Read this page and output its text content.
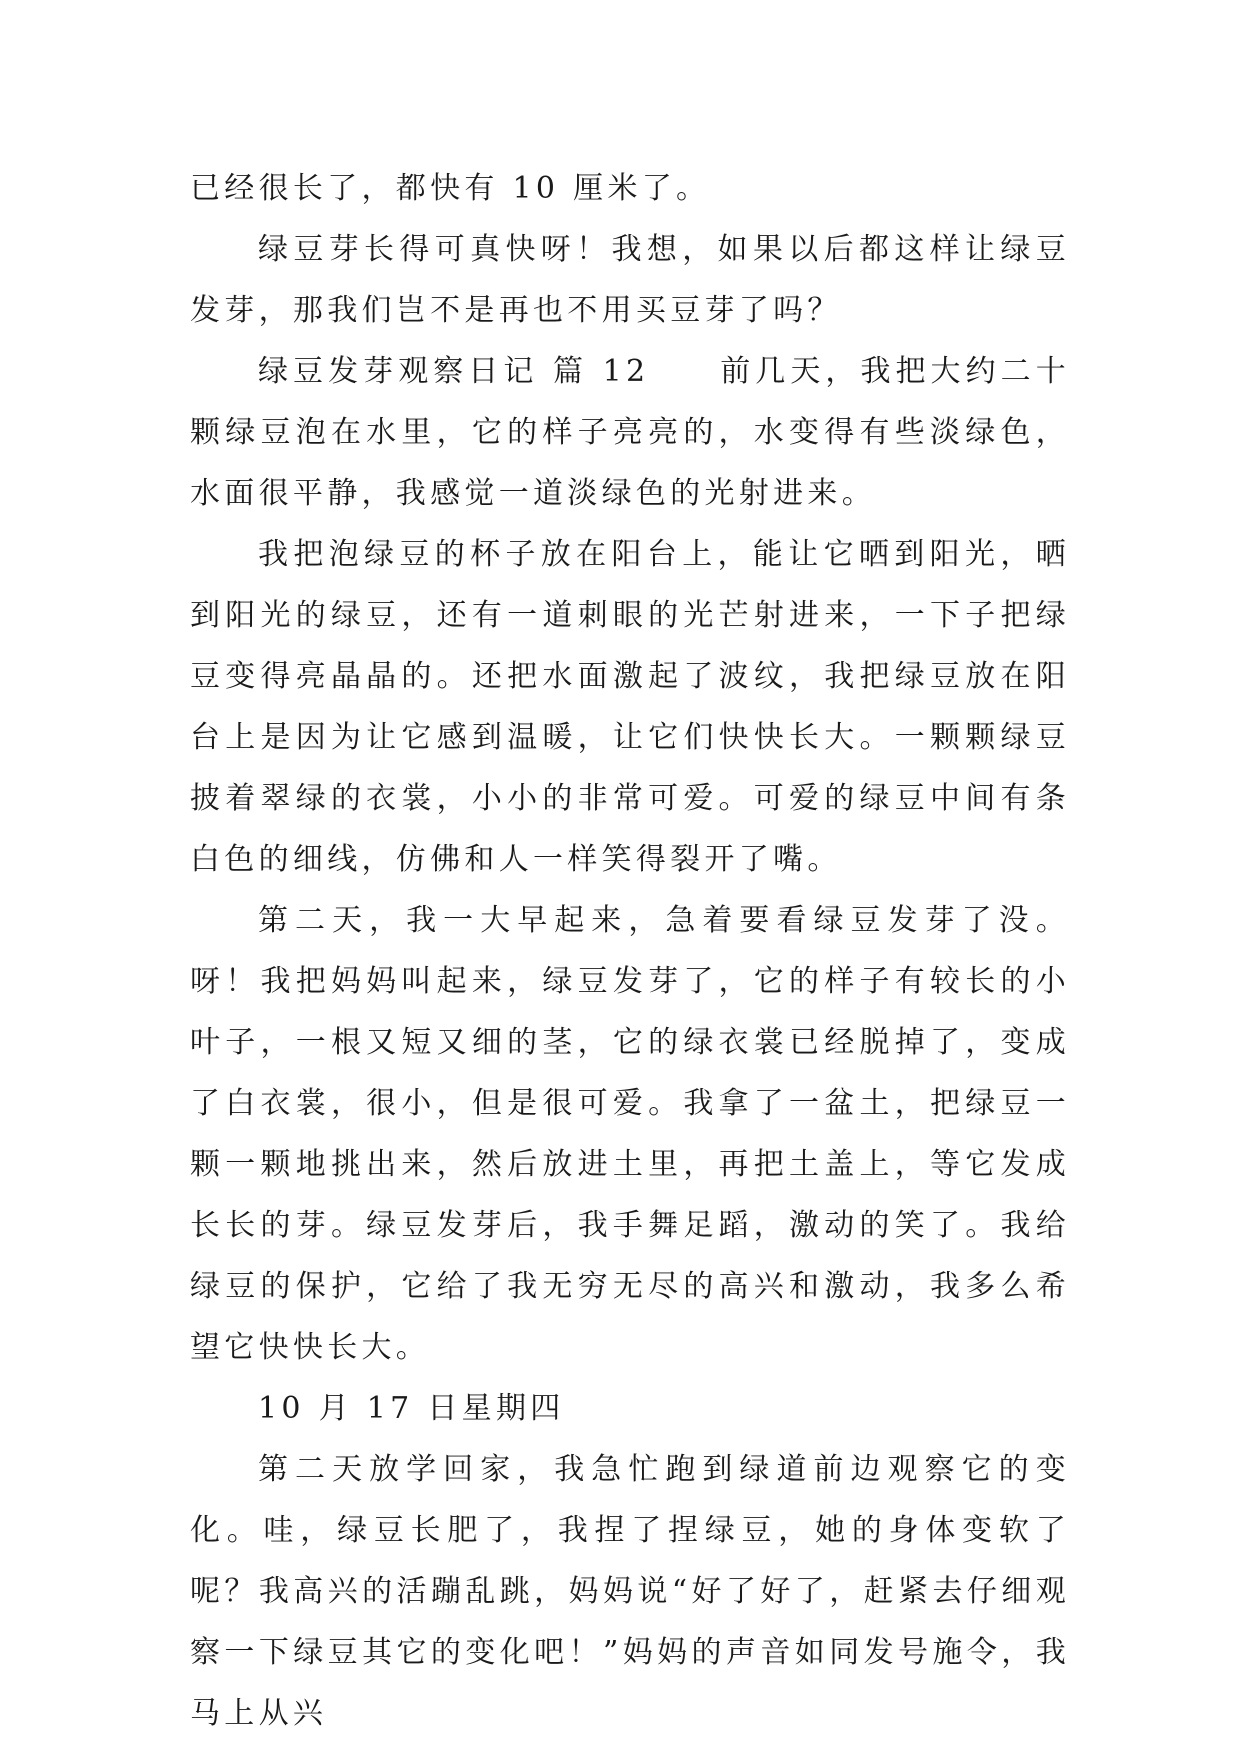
已经很长了，都快有 10 厘米了。

绿豆芽长得可真快呀！我想，如果以后都这样让绿豆发芽，那我们岂不是再也不用买豆芽了吗？

绿豆发芽观察日记 篇 12　　前几天，我把大约二十颗绿豆泡在水里，它的样子亮亮的，水变得有些淡绿色，水面很平静，我感觉一道淡绿色的光射进来。

我把泡绿豆的杯子放在阳台上，能让它晒到阳光，晒到阳光的绿豆，还有一道刺眼的光芒射进来，一下子把绿豆变得亮晶晶的。还把水面激起了波纹，我把绿豆放在阳台上是因为让它感到温暖，让它们快快长大。一颗颗绿豆披着翠绿的衣裳，小小的非常可爱。可爱的绿豆中间有条白色的细线，仿佛和人一样笑得裂开了嘴。

第二天，我一大早起来，急着要看绿豆发芽了没。呀！我把妈妈叫起来，绿豆发芽了，它的样子有较长的小叶子，一根又短又细的茎，它的绿衣裳已经脱掉了，变成了白衣裳，很小，但是很可爱。我拿了一盆土，把绿豆一颗一颗地挑出来，然后放进土里，再把土盖上，等它发成长长的芽。绿豆发芽后，我手舞足蹈，激动的笑了。我给绿豆的保护，它给了我无穷无尽的高兴和激动，我多么希望它快快长大。

10 月 17 日星期四

第二天放学回家，我急忙跑到绿道前边观察它的变化。哇，绿豆长肥了，我捏了捏绿豆，她的身体变软了呢？我高兴的活蹦乱跳，妈妈说“好了好了，赶紧去仔细观察一下绿豆其它的变化吧！”妈妈的声音如同发号施令，我马上从兴
